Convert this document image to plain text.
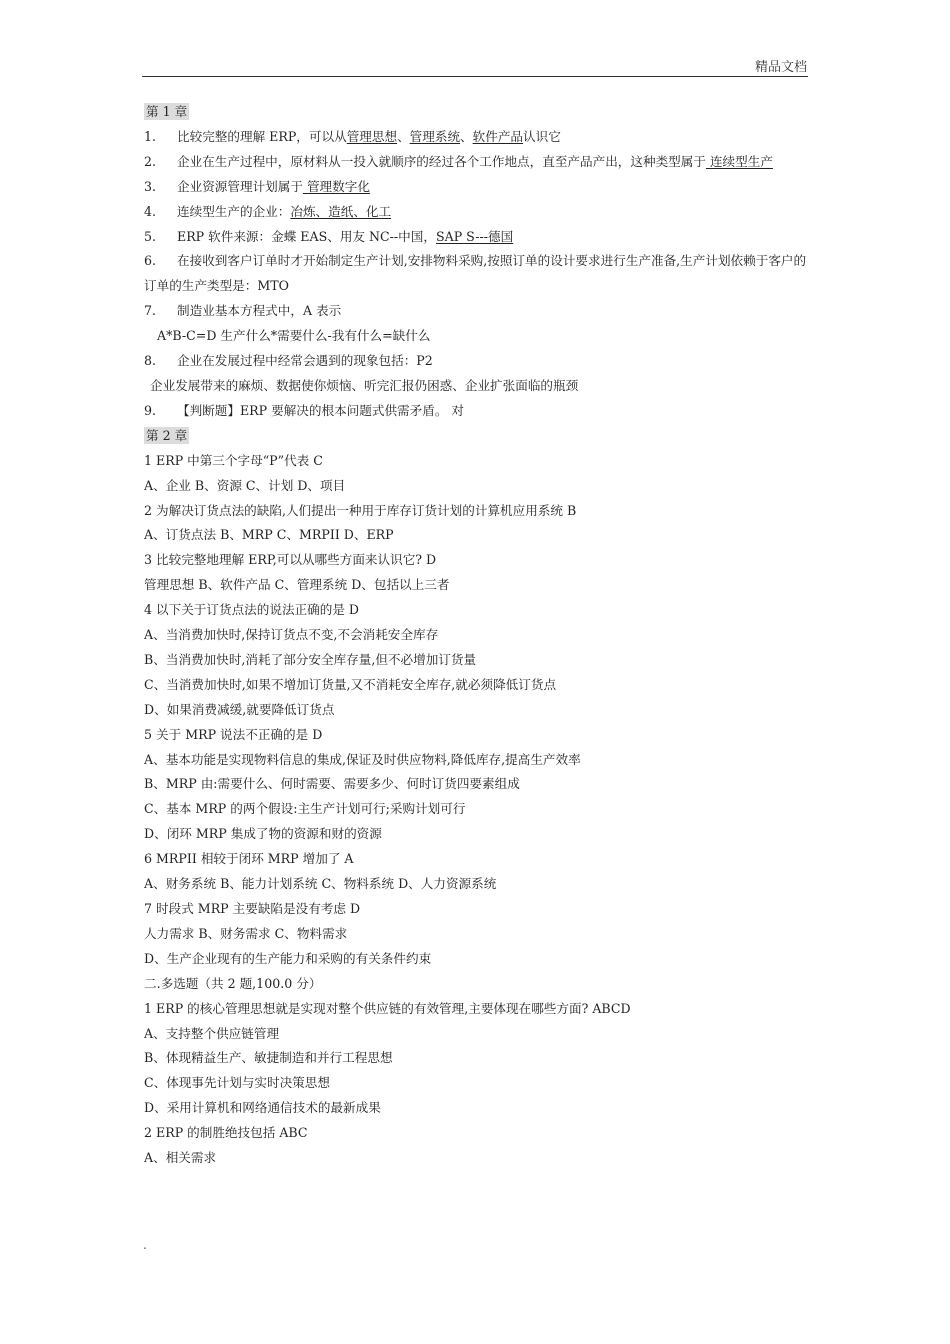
精品文档

第 1 章

1. 比较完整的理解 ERP，可以从管理思想、管理系统、软件产品认识它

2. 企业在生产过程中，原材料从一投入就顺序的经过各个工作地点，直至产品产出，这种类型属于 连续型生产

3. 企业资源管理计划属于 管理数字化

4. 连续型生产的企业：冶炼、造纸、化工

5. ERP 软件来源：金蝶 EAS、用友 NC--中国，SAP S---德国

6. 在接收到客户订单时才开始制定生产计划,安排物料采购,按照订单的设计要求进行生产准备,生产计划依赖于客户的订单的生产类型是：MTO

7. 制造业基本方程式中，A 表示

A*B-C=D 生产什么*需要什么-我有什么=缺什么

8. 企业在发展过程中经常会遇到的现象包括：P2

企业发展带来的麻烦、数据使你烦恼、听完汇报仍困惑、企业扩张面临的瓶颈

9. 【判断题】ERP 要解决的根本问题式供需矛盾。 对

第 2 章

1 ERP 中第三个字母“P”代表 C

A、企业 B、资源 C、计划 D、项目

2 为解决订货点法的缺陷,人们提出一种用于库存订货计划的计算机应用系统 B

A、订货点法 B、MRP C、MRPII D、ERP

3 比较完整地理解 ERP,可以从哪些方面来认识它? D

管理思想 B、软件产品 C、管理系统 D、包括以上三者

4 以下关于订货点法的说法正确的是 D

A、当消费加快时,保持订货点不变,不会消耗安全库存

B、当消费加快时,消耗了部分安全库存量,但不必增加订货量

C、当消费加快时,如果不增加订货量,又不消耗安全库存,就必须降低订货点

D、如果消费减缓,就要降低订货点

5 关于 MRP 说法不正确的是 D

A、基本功能是实现物料信息的集成,保证及时供应物料,降低库存,提高生产效率

B、MRP 由:需要什么、何时需要、需要多少、何时订货四要素组成

C、基本 MRP 的两个假设:主生产计划可行;采购计划可行

D、闭环 MRP 集成了物的资源和财的资源

6 MRPII 相较于闭环 MRP 增加了 A

A、财务系统 B、能力计划系统 C、物料系统 D、人力资源系统

7 时段式 MRP 主要缺陷是没有考虑 D

人力需求 B、财务需求 C、物料需求

D、生产企业现有的生产能力和采购的有关条件约束

二.多选题（共 2 题,100.0 分）

1 ERP 的核心管理思想就是实现对整个供应链的有效管理,主要体现在哪些方面? ABCD

A、支持整个供应链管理

B、体现精益生产、敏捷制造和并行工程思想

C、体现事先计划与实时决策思想

D、采用计算机和网络通信技术的最新成果

2 ERP 的制胜绝技包括 ABC

A、相关需求

.
